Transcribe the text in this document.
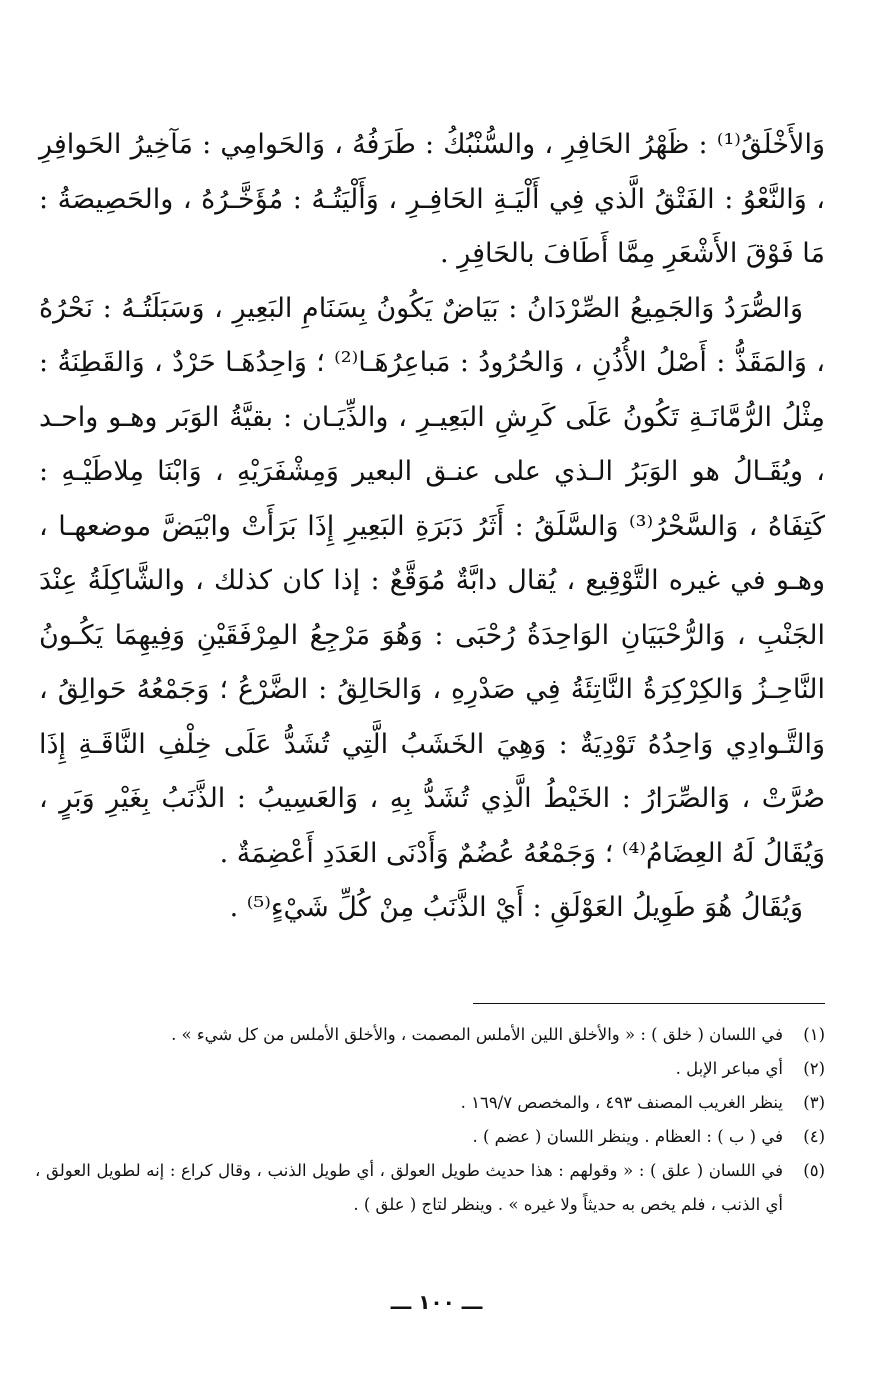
وَالأَخْلَقُ⁽¹⁾ : ظَهْرُ الحَافِرِ ، والسُّنْبُكُ : طَرَفُهُ ، وَالحَوامِي : مَآخِيرُ الحَوافِرِ ، وَالنَّعْوُ : الفَتْقُ الَّذي فِي أَلْيَـةِ الحَافِـرِ ، وَأَلْيَتُـهُ : مُؤَخَّـرُهُ ، والحَصِيصَةُ : مَا فَوْقَ الأَشْعَرِ مِمَّا أَطَافَ بالحَافِرِ .

وَالصُّرَدُ وَالجَمِيعُ الصِّرْدَانُ : بَيَاضٌ يَكُونُ بِسَنَامِ البَعِيرِ ، وَسَبَلَتُـهُ : نَحْرُهُ ، وَالمَقَذُّ : أَصْلُ الأُذُنِ ، وَالحُرُودُ : مَباعِرُهَـا⁽²⁾ ؛ وَاحِدُهَـا حَرْدٌ ، وَالقَطِنَةُ : مِثْلُ الرُّمَّانَـةِ تَكُونُ عَلَى كَرِشِ البَعِيـرِ ، والذِّيَـان : بقيَّةُ الوَبَر وهـو واحـد ، ويُقَـالُ هو الوَبَرُ الـذي على عنـق البعير وَمِشْفَرَيْهِ ، وَابْنَا مِلاطَيْـهِ : كَتِفَاهُ ، وَالسَّحْرُ⁽³⁾ وَالسَّلَقُ : أَثَرُ دَبَرَةِ البَعِيرِ إِذَا بَرَأَتْ وابْيَضَّ موضعهـا ، وهـو في غيره التَّوْقِيع ، يُقال دابَّةٌ مُوَقَّعٌ : إذا كان كذلك ، والشَّاكِلَةُ عِنْدَ الجَنْبِ ، وَالرُّحْبَيَانِ الوَاحِدَةُ رُحْبَى : وَهُوَ مَرْجِعُ المِرْفَقَيْنِ وَفِيهِمَا يَكُـونُ النَّاحِـزُ وَالكِرْكِرَةُ النَّاتِئَةُ فِي صَدْرِهِ ، وَالحَالِقُ : الضَّرْعُ ؛ وَجَمْعُهُ حَوالِقُ ، وَالتَّـوادِي وَاحِدُهُ تَوْدِيَةٌ : وَهِيَ الخَشَبُ الَّتِي تُشَدُّ عَلَى خِلْفِ النَّاقَـةِ إِذَا صُرَّتْ ، وَالصِّرَارُ : الخَيْطُ الَّذِي تُشَدُّ بِهِ ، وَالعَسِيبُ : الذَّنَبُ بِغَيْرِ وَبَرٍ ، وَيُقَالُ لَهُ العِضَامُ⁽⁴⁾ ؛ وَجَمْعُهُ عُضُمٌ وَأَدْنَى العَدَدِ أَعْضِمَةٌ .

وَيُقَالُ هُوَ طَوِيلُ العَوْلَقِ : أَيْ الذَّنَبُ مِنْ كُلِّ شَيْءٍ⁽⁵⁾ .

(١)
في اللسان ( خلق ) : « والأخلق اللين الأملس المصمت ، والأخلق الأملس من كل شيء » .
(٢)
أي مباعر الإبل .
(٣)
ينظر الغريب المصنف ٤٩٣ ، والمخصص ١٦٩/٧ .
(٤)
في ( ب ) : العظام . وينظر اللسان ( عضم ) .
(٥)
في اللسان ( علق ) : « وقولهم : هذا حديث طويل العولق ، أي طويل الذنب ، وقال كراع : إنه لطويل العولق ، أي الذنب ، فلم يخص به حديثاً ولا غيره » . وينظر لتاج ( علق ) .
ـــ ١٠٠ ـــ
